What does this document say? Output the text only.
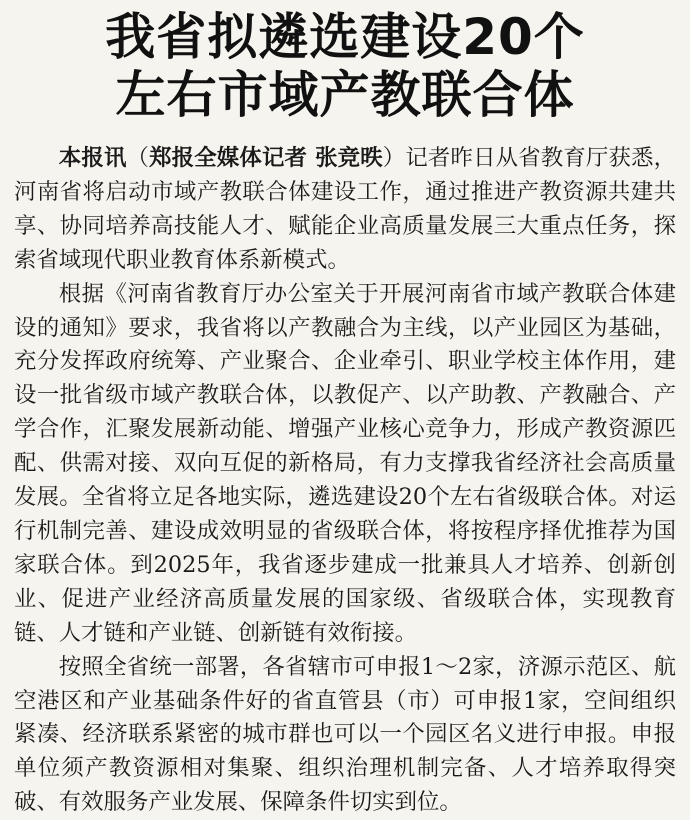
我省拟遴选建设20个
左右市域产教联合体

本报讯（郑报全媒体记者 张竞昳）记者昨日从省教育厅获悉，河南省将启动市域产教联合体建设工作，通过推进产教资源共建共享、协同培养高技能人才、赋能企业高质量发展三大重点任务，探索省域现代职业教育体系新模式。

根据《河南省教育厅办公室关于开展河南省市域产教联合体建设的通知》要求，我省将以产教融合为主线，以产业园区为基础，充分发挥政府统筹、产业聚合、企业牵引、职业学校主体作用，建设一批省级市域产教联合体，以教促产、以产助教、产教融合、产学合作，汇聚发展新动能、增强产业核心竞争力，形成产教资源匹配、供需对接、双向互促的新格局，有力支撑我省经济社会高质量发展。全省将立足各地实际，遴选建设20个左右省级联合体。对运行机制完善、建设成效明显的省级联合体，将按程序择优推荐为国家联合体。到2025年，我省逐步建成一批兼具人才培养、创新创业、促进产业经济高质量发展的国家级、省级联合体，实现教育链、人才链和产业链、创新链有效衔接。

按照全省统一部署，各省辖市可申报1～2家，济源示范区、航空港区和产业基础条件好的省直管县（市）可申报1家，空间组织紧凑、经济联系紧密的城市群也可以一个园区名义进行申报。申报单位须产教资源相对集聚、组织治理机制完备、人才培养取得突破、有效服务产业发展、保障条件切实到位。
